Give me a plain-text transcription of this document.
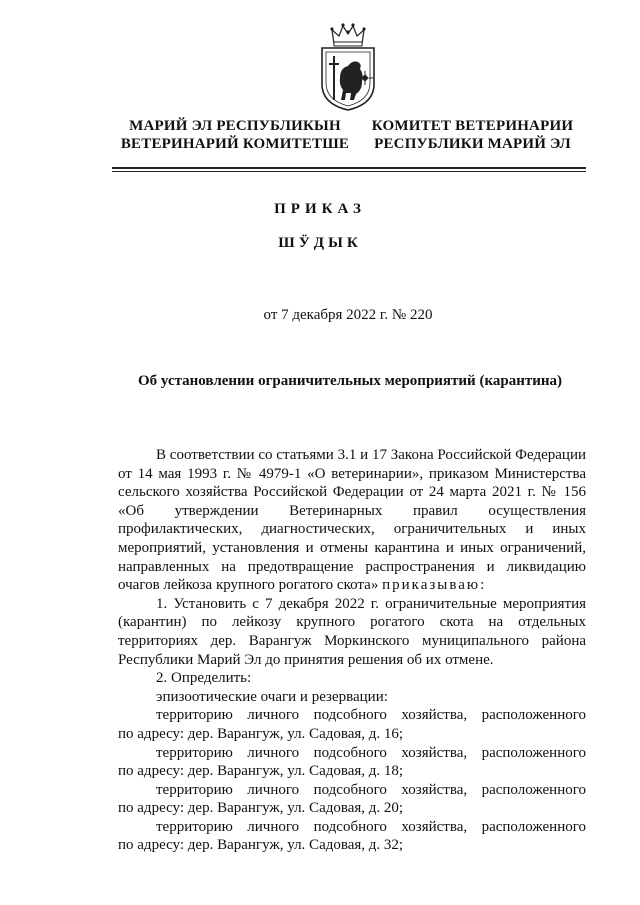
МАРИЙ ЭЛ РЕСПУБЛИКЫН
ВЕТЕРИНАРИЙ КОМИТЕТШЕ
КОМИТЕТ ВЕТЕРИНАРИИ
РЕСПУБЛИКИ МАРИЙ ЭЛ
ПРИКАЗ
ШӰДЫК
от 7 декабря 2022 г. № 220
Об установлении ограничительных мероприятий (карантина)

В соответствии со статьями 3.1 и 17 Закона Российской Федерации

от 14 мая 1993 г. № 4979-1 «О ветеринарии», приказом Министерства

сельского хозяйства Российской Федерации от 24 марта 2021 г. № 156

«Об утверждении Ветеринарных правил осуществления

профилактических, диагностических, ограничительных и иных

мероприятий, установления и отмены карантина и иных ограничений,

направленных на предотвращение распространения и ликвидацию

очагов лейкоза крупного рогатого скота» приказываю:

1. Установить с 7 декабря 2022 г. ограничительные мероприятия

(карантин) по лейкозу крупного рогатого скота на отдельных

территориях дер. Варангуж Моркинского муниципального района

Республики Марий Эл до принятия решения об их отмене.

2. Определить:

эпизоотические очаги и резервации:

территорию личного подсобного хозяйства, расположенного

по адресу: дер. Варангуж, ул. Садовая, д. 16;

территорию личного подсобного хозяйства, расположенного

по адресу: дер. Варангуж, ул. Садовая, д. 18;

территорию личного подсобного хозяйства, расположенного

по адресу: дер. Варангуж, ул. Садовая, д. 20;

территорию личного подсобного хозяйства, расположенного

по адресу: дер. Варангуж, ул. Садовая, д. 32;
